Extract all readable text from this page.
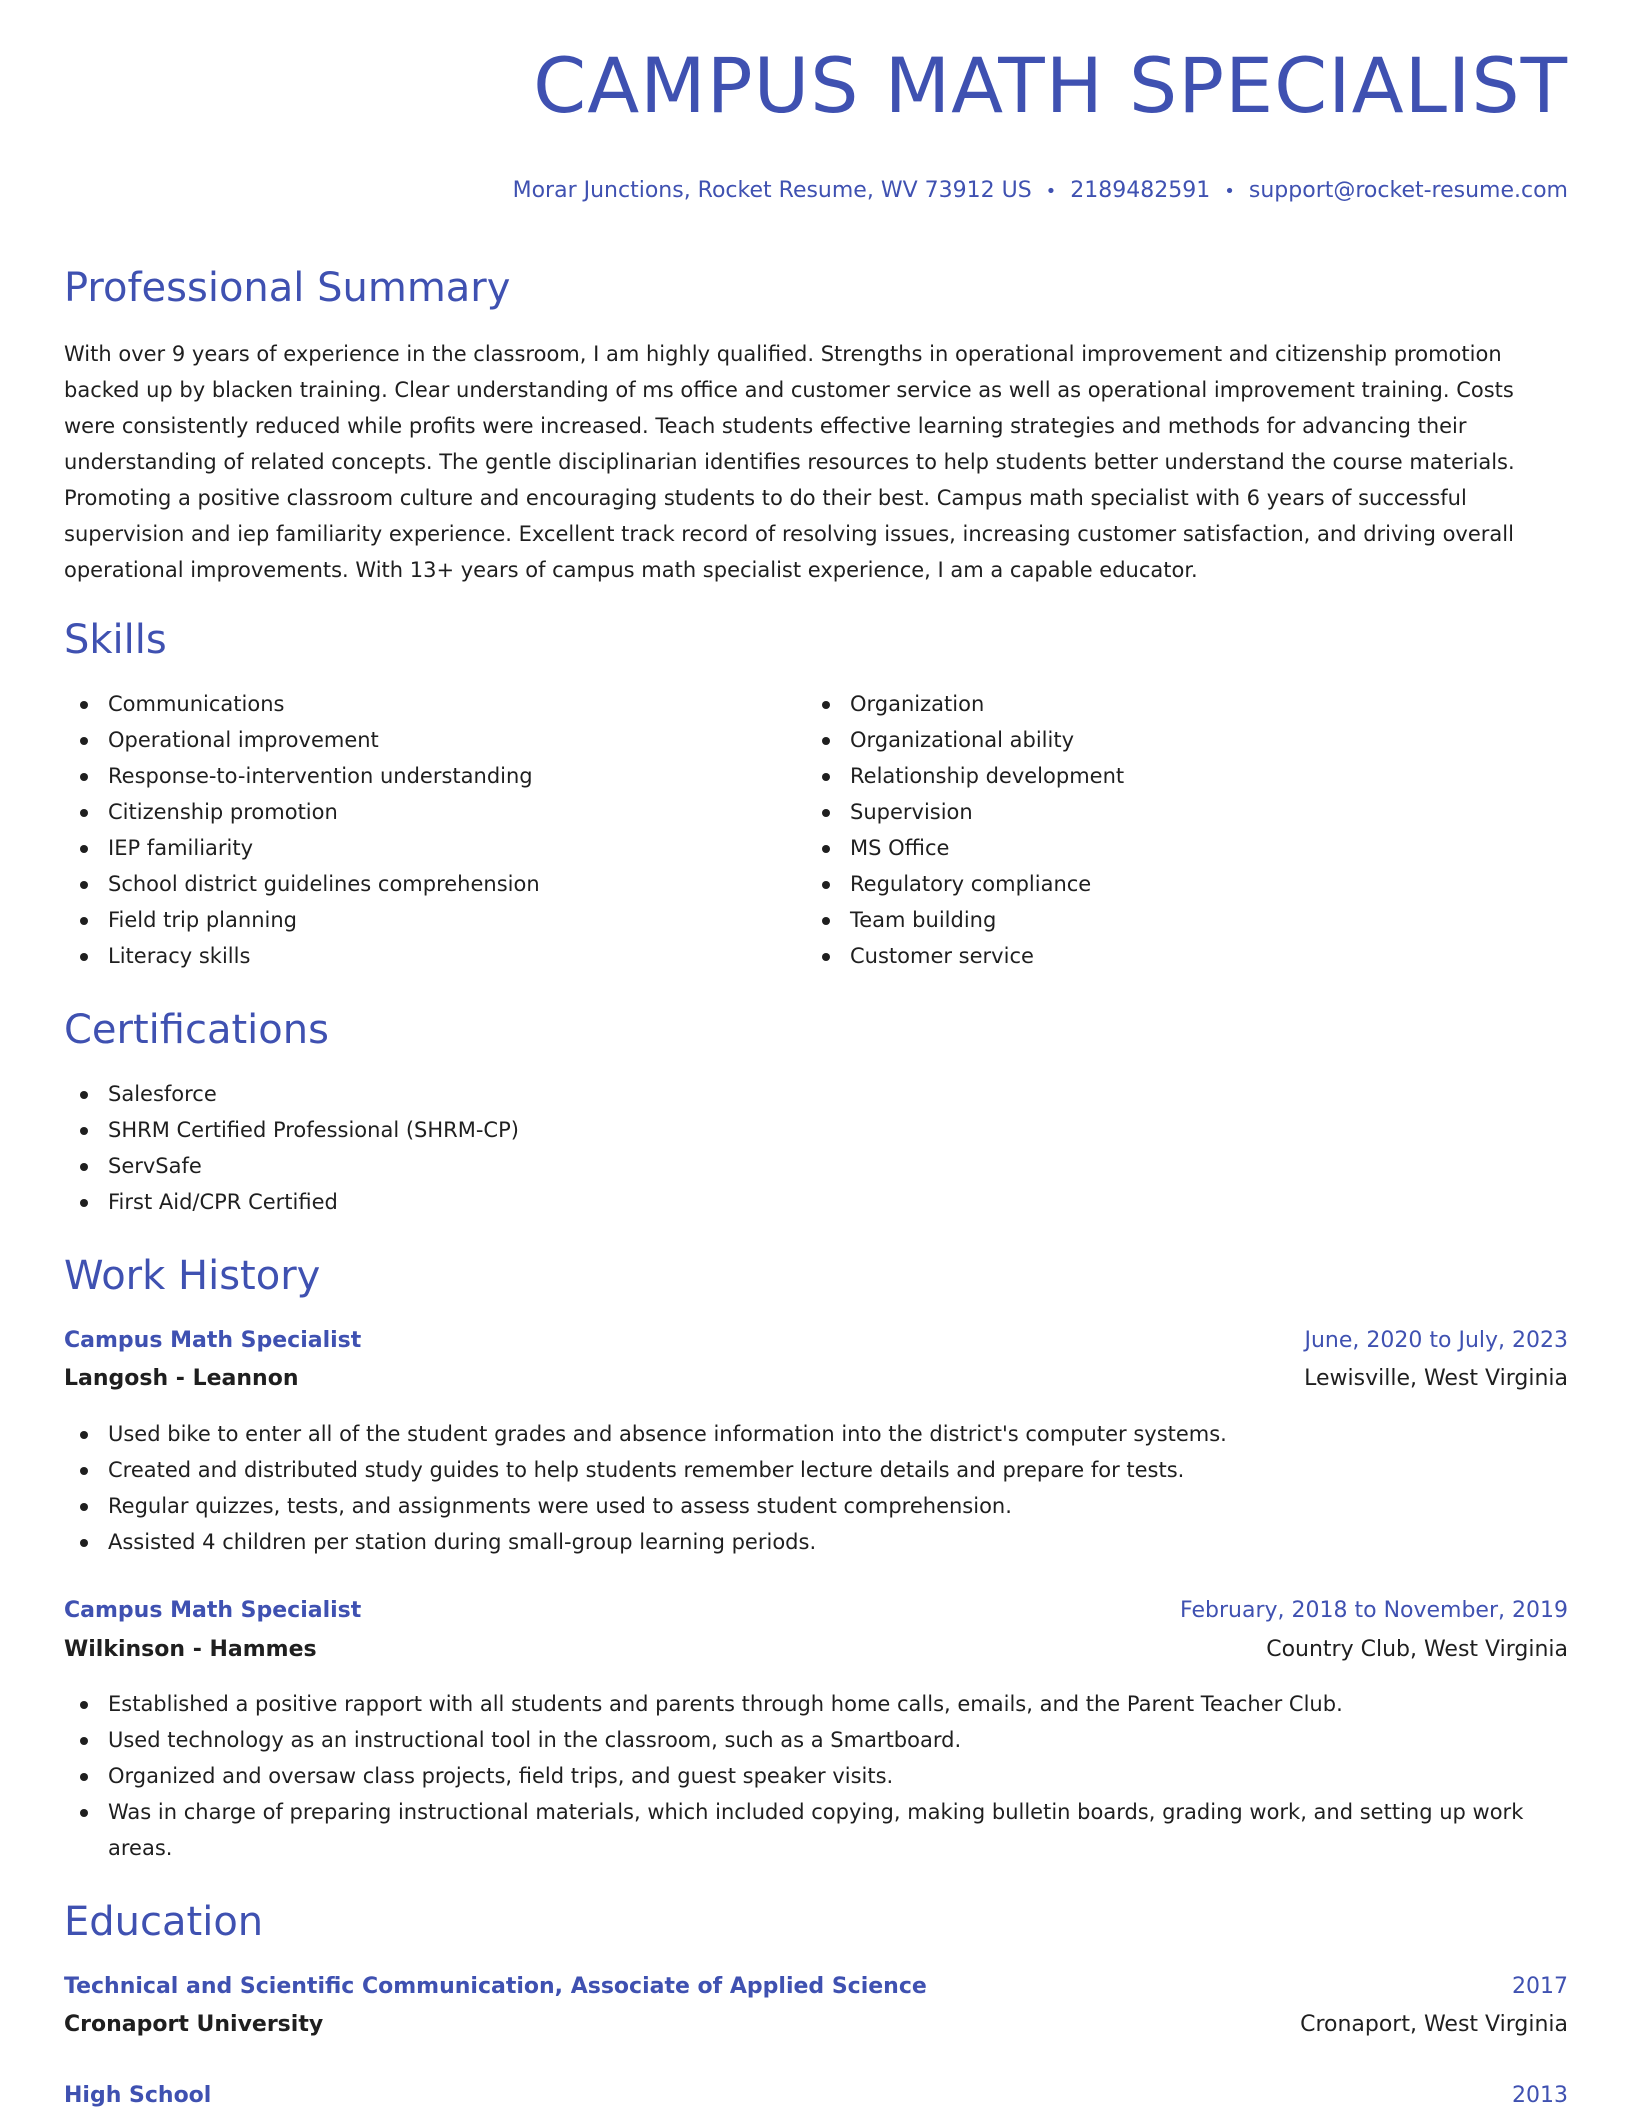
CAMPUS MATH SPECIALIST
Morar Junctions, Rocket Resume, WV 73912 US • 2189482591 • support@rocket-resume.com
Professional Summary

With over 9 years of experience in the classroom, I am highly qualified. Strengths in operational improvement and citizenship promotion backed up by blacken training. Clear understanding of ms office and customer service as well as operational improvement training. Costs were consistently reduced while profits were increased. Teach students effective learning strategies and methods for advancing their understanding of related concepts. The gentle disciplinarian identifies resources to help students better understand the course materials. Promoting a positive classroom culture and encouraging students to do their best. Campus math specialist with 6 years of successful supervision and iep familiarity experience. Excellent track record of resolving issues, increasing customer satisfaction, and driving overall operational improvements. With 13+ years of campus math specialist experience, I am a capable educator.

Skills
Communications
Operational improvement
Response-to-intervention understanding
Citizenship promotion
IEP familiarity
School district guidelines comprehension
Field trip planning
Literacy skills
Organization
Organizational ability
Relationship development
Supervision
MS Office
Regulatory compliance
Team building
Customer service
Certifications
Salesforce
SHRM Certified Professional (SHRM-CP)
ServSafe
First Aid/CPR Certified
Work History
Campus Math Specialist	June, 2020 to July, 2023
Langosh - Leannon	Lewisville, West Virginia
Used bike to enter all of the student grades and absence information into the district's computer systems.
Created and distributed study guides to help students remember lecture details and prepare for tests.
Regular quizzes, tests, and assignments were used to assess student comprehension.
Assisted 4 children per station during small-group learning periods.
Campus Math Specialist	February, 2018 to November, 2019
Wilkinson - Hammes	Country Club, West Virginia
Established a positive rapport with all students and parents through home calls, emails, and the Parent Teacher Club.
Used technology as an instructional tool in the classroom, such as a Smartboard.
Organized and oversaw class projects, field trips, and guest speaker visits.
Was in charge of preparing instructional materials, which included copying, making bulletin boards, grading work, and setting up work areas.
Education
Technical and Scientific Communication, Associate of Applied Science	2017
Cronaport University	Cronaport, West Virginia
High School	2013
